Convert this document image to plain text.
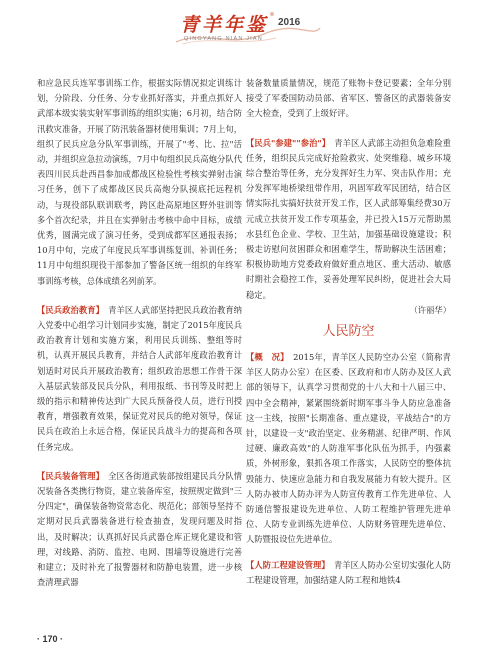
青羊年鉴 2016
QINGYANG NIAN JIAN

和应急民兵连军事训练工作，根据实际情况拟定训练计划，分阶段、分任务、分专业抓好落实，并重点抓好人武部本级实装实射军事训练的组织实施；6月初，结合防汛救灾准备，开展了防汛装备器材使用集训；7月上旬，组织了民兵应急分队军事训练，开展了"考、比、拉"活动，并组织应急拉动演练，7月中旬组织民兵高炮分队代表四川民兵赴西昌参加成都战区检验性考核实弹射击演习任务，创下了成都战区民兵高炮分队摸底托远程机动，与现役部队联训联考，跨区赴高原地区野外驻训等多个首次纪录，并且在实弹射击考核中命中目标，成绩优秀，圆满完成了演习任务，受到成都军区通报表扬；10月中旬，完成了年度民兵军事训练复训、补训任务；11月中旬组织现役干部参加了警备区统一组织的年终军事训练考核，总体成绩名列前茅。

【民兵政治教育】　 青羊区人武部坚持把民兵政治教育纳入党委中心组学习计划同步实施，制定了2015年度民兵政治教育计划和实施方案，利用民兵训练、整组等时机，认真开展民兵教育，并结合人武部年度政治教育计划适时对民兵开展政治教育；组织政治思想工作骨干深入基层武装部及民兵分队，利用报纸、书刊等及时把上级的指示和精神传达到广大民兵预备役人员，进行刊授教育，增强教育效果，保证党对民兵的绝对领导，保证民兵在政治上永远合格，保证民兵战斗力的提高和各项任务完成。

【民兵装备管理】　 全区各街道武装部按组建民兵分队情况装备各类携行物资，建立装备库室，按照规定做到"三分四定"，确保装备物资常态化、规范化；部领导坚持不定期对民兵武器装备进行检查抽查，发现问题及时指出，及时解决；认真抓好民兵武器仓库正规化建设和管理，对线路、消防、监控、电网、围墙等设施进行完善和建立；及时补充了报警器材和防静电装置，进一步核查清理武器

装备数量质量情况，规范了账物卡登记要素；全年分别接受了军委国防动员部、省军区、警备区的武器装备安全大检查，受到了上级好评。

【民兵"参建""参治"】　 青羊区人武部主动担负急难险重任务，组织民兵完成好抢险救灾、处突维稳、城乡环境综合整治等任务，充分发挥好生力军、突击队作用；充分发挥军地桥梁纽带作用，巩固军政军民团结，结合区情实际扎实搞好扶贫开发工作，区人武部筹集经费30万元成立扶贫开发工作专项基金，并已投入15万元帮助黑水县红色企业、学校、卫生站，加强基础设施建设；积极走访慰问贫困群众和困难学生，帮助解决生活困难；积极协助地方党委政府做好重点地区、重大活动、敏感时期社会稳控工作，妥善处理军民纠纷，促进社会大局稳定。

（许丽华）

人民防空

【概　况】　 2015年，青羊区人民防空办公室（简称青羊区人防办公室）在区委、区政府和市人防办及区人武部的领导下，认真学习贯彻党的十八大和十八届三中、四中全会精神，紧紧围绕新时期军事斗争人防应急准备这一主线，按照"长期准备、重点建设，平战结合"的方针，以建设一支"政治坚定、业务精湛、纪律严明、作风过硬、廉政高效"的人防准军事化队伍为抓手，内强素质，外树形象，狠抓各项工作落实，人民防空的整体抗毁能力、快速应急能力和自我发展能力有较大提升。区人防办被市人防办评为人防宣传教育工作先进单位、人防通信警报建设先进单位、人防工程维护管理先进单位、人防专业训练先进单位、人防财务管理先进单位、人防暨报设位先进单位。

【人防工程建设管理】　 青羊区人防办公室切实强化人防工程建设管理，加强结建人防工程和地铁4

· 170 ·
